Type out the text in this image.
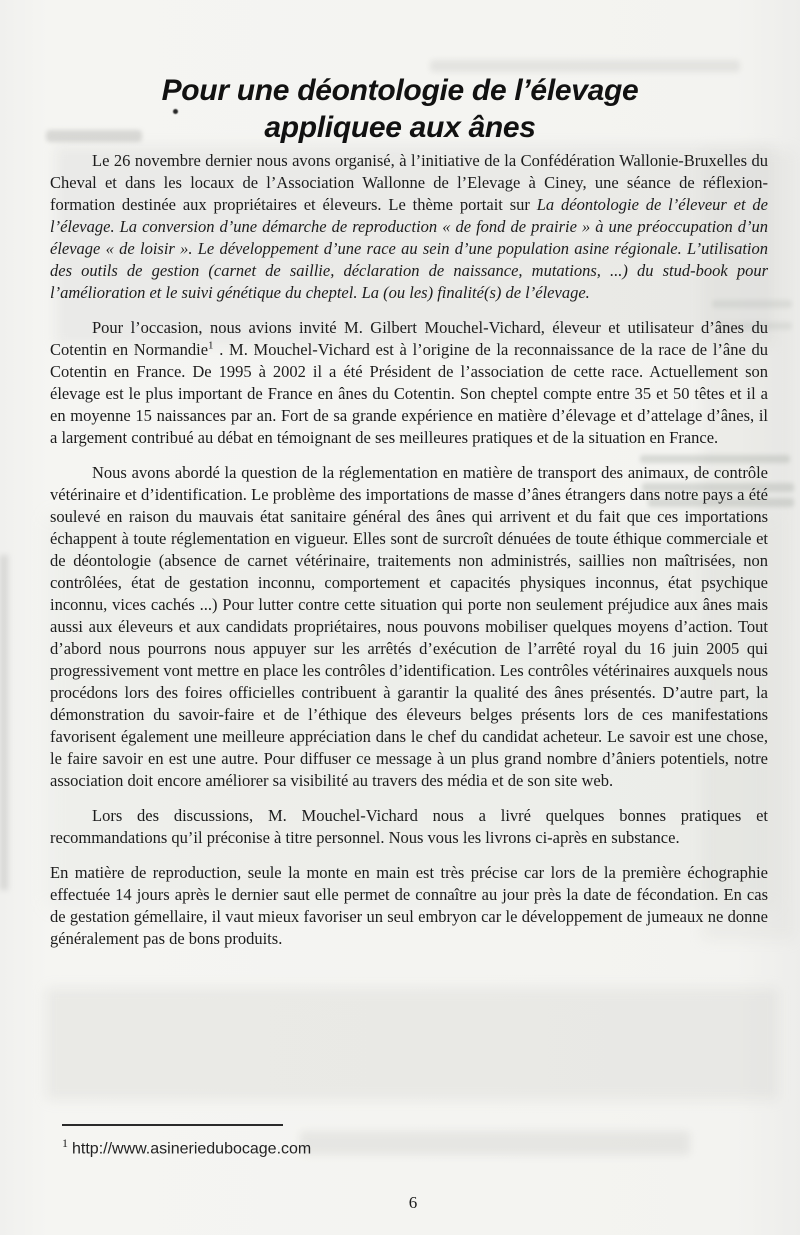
Pour une déontologie de l’élevage
appliquee aux ânes

Le 26 novembre dernier nous avons organisé, à l’initiative de la Confédération Wallonie-Bruxelles du Cheval et dans les locaux de l’Association Wallonne de l’Elevage à Ciney, une séance de réflexion-formation destinée aux propriétaires et éleveurs. Le thème portait sur La déontologie de l’éleveur et de l’élevage. La conversion d’une démarche de reproduction « de fond de prairie » à une préoccupation d’un élevage « de loisir ». Le développement d’une race au sein d’une population asine régionale. L’utilisation des outils de gestion (carnet de saillie, déclaration de naissance, mutations, ...) du stud-book pour l’amélioration et le suivi génétique du cheptel. La (ou les) finalité(s) de l’élevage.

Pour l’occasion, nous avions invité M. Gilbert Mouchel-Vichard, éleveur et utilisateur d’ânes du Cotentin en Normandie$^1$ . M. Mouchel-Vichard est à l’origine de la reconnaissance de la race de l’âne du Cotentin en France. De 1995 à 2002 il a été Président de l’association de cette race. Actuellement son élevage est le plus important de France en ânes du Cotentin. Son cheptel compte entre 35 et 50 têtes et il a en moyenne 15 naissances par an. Fort de sa grande expérience en matière d’élevage et d’attelage d’ânes, il a largement contribué au débat en témoignant de ses meilleures pratiques et de la situation en France.

Nous avons abordé la question de la réglementation en matière de transport des animaux, de contrôle vétérinaire et d’identification. Le problème des importations de masse d’ânes étrangers dans notre pays a été soulevé en raison du mauvais état sanitaire général des ânes qui arrivent et du fait que ces importations échappent à toute réglementation en vigueur. Elles sont de surcroît dénuées de toute éthique commerciale et de déontologie (absence de carnet vétérinaire, traitements non administrés, saillies non maîtrisées, non contrôlées, état de gestation inconnu, comportement et capacités physiques inconnus, état psychique inconnu, vices cachés ...) Pour lutter contre cette situation qui porte non seulement préjudice aux ânes mais aussi aux éleveurs et aux candidats propriétaires, nous pouvons mobiliser quelques moyens d’action. Tout d’abord nous pourrons nous appuyer sur les arrêtés d’exécution de l’arrêté royal du 16 juin 2005 qui progressivement vont mettre en place les contrôles d’identification. Les contrôles vétérinaires auxquels nous procédons lors des foires officielles contribuent à garantir la qualité des ânes présentés. D’autre part, la démonstration du savoir-faire et de l’éthique des éleveurs belges présents lors de ces manifestations favorisent également une meilleure appréciation dans le chef du candidat acheteur. Le savoir est une chose, le faire savoir en est une autre. Pour diffuser ce message à un plus grand nombre d’âniers potentiels, notre association doit encore améliorer sa visibilité au travers des média et de son site web.

Lors des discussions, M. Mouchel-Vichard nous a livré quelques bonnes pratiques et recommandations qu’il préconise à titre personnel. Nous vous les livrons ci-après en substance.

En matière de reproduction, seule la monte en main est très précise car lors de la première échographie effectuée 14 jours après le dernier saut elle permet de connaître au jour près la date de fécondation. En cas de gestation gémellaire, il vaut mieux favoriser un seul embryon car le développement de jumeaux ne donne généralement pas de bons produits.

$^1$ http://www.asineriedubocage.com
6
